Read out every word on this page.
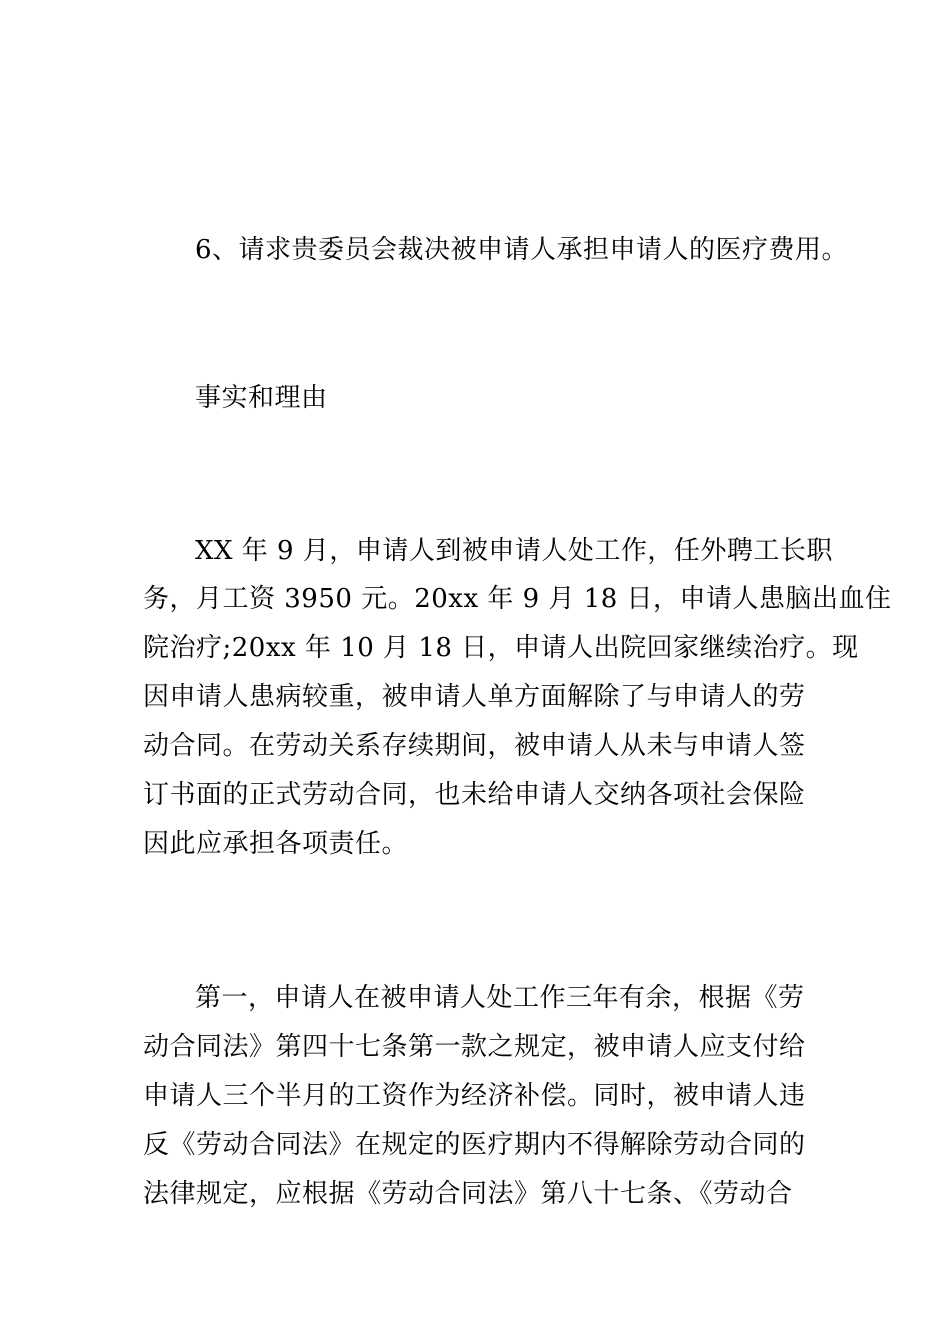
6、请求贵委员会裁决被申请人承担申请人的医疗费用。
事实和理由
XX 年 9 月，申请人到被申请人处工作，任外聘工长职
务，月工资 3950 元。20xx 年 9 月 18 日，申请人患脑出血住
院治疗;20xx 年 10 月 18 日，申请人出院回家继续治疗。现
因申请人患病较重，被申请人单方面解除了与申请人的劳
动合同。在劳动关系存续期间，被申请人从未与申请人签
订书面的正式劳动合同，也未给申请人交纳各项社会保险
因此应承担各项责任。
第一，申请人在被申请人处工作三年有余，根据《劳
动合同法》第四十七条第一款之规定，被申请人应支付给
申请人三个半月的工资作为经济补偿。同时，被申请人违
反《劳动合同法》在规定的医疗期内不得解除劳动合同的
法律规定，应根据《劳动合同法》第八十七条、《劳动合
